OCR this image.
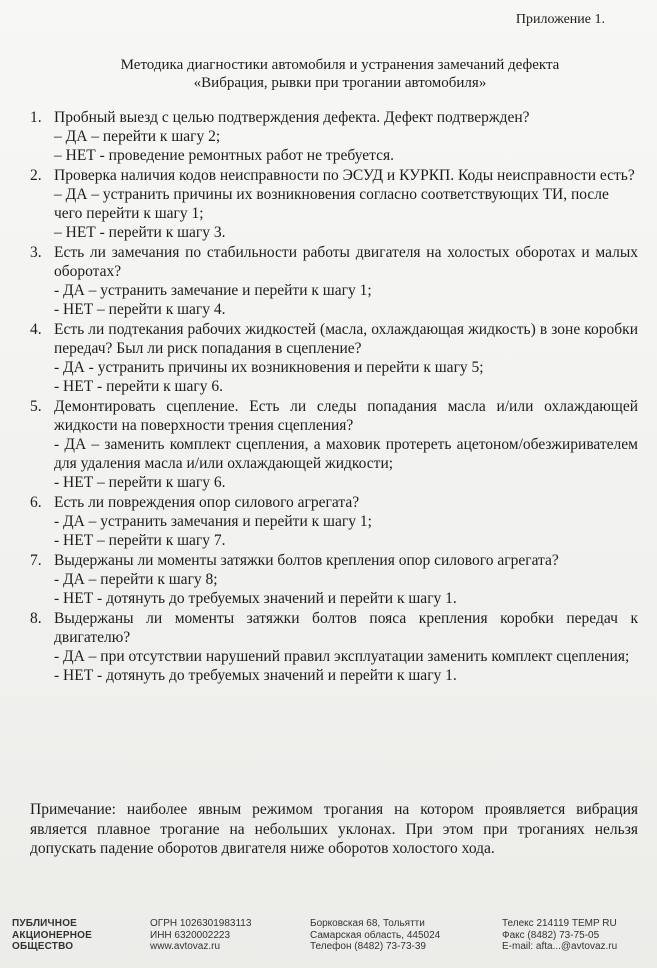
Приложение 1.
Методика диагностики автомобиля и устранения замечаний дефекта
«Вибрация, рывки при трогании автомобиля»
1. Пробный выезд с целью подтверждения дефекта. Дефект подтвержден?
– ДА – перейти к шагу 2;
– НЕТ - проведение ремонтных работ не требуется.
2. Проверка наличия кодов неисправности по ЭСУД и КУРКП. Коды неисправности есть?
– ДА – устранить причины их возникновения согласно соответствующих ТИ, после чего перейти к шагу 1;
– НЕТ - перейти к шагу 3.
3. Есть ли замечания по стабильности работы двигателя на холостых оборотах и малых оборотах?
- ДА – устранить замечание и перейти к шагу 1;
- НЕТ – перейти к шагу 4.
4. Есть ли подтекания рабочих жидкостей (масла, охлаждающая жидкость) в зоне коробки передач? Был ли риск попадания в сцепление?
- ДА - устранить причины их возникновения и перейти к шагу 5;
- НЕТ - перейти к шагу 6.
5. Демонтировать сцепление. Есть ли следы попадания масла и/или охлаждающей жидкости на поверхности трения сцепления?
- ДА – заменить комплект сцепления, а маховик протереть ацетоном/обезжиривателем для удаления масла и/или охлаждающей жидкости;
- НЕТ – перейти к шагу 6.
6. Есть ли повреждения опор силового агрегата?
- ДА – устранить замечания и перейти к шагу 1;
- НЕТ – перейти к шагу 7.
7. Выдержаны ли моменты затяжки болтов крепления опор силового агрегата?
- ДА – перейти к шагу 8;
- НЕТ - дотянуть до требуемых значений и перейти к шагу 1.
8. Выдержаны ли моменты затяжки болтов пояса крепления коробки передач к двигателю?
- ДА – при отсутствии нарушений правил эксплуатации заменить комплект сцепления;
- НЕТ - дотянуть до требуемых значений и перейти к шагу 1.
Примечание: наиболее явным режимом трогания на котором проявляется вибрация является плавное трогание на небольших уклонах. При этом при троганиях нельзя допускать падение оборотов двигателя ниже оборотов холостого хода.
ПУБЛИЧНОЕ
АКЦИОНЕРНОЕ
ОБЩЕСТВО
ОГРН 1026301983113
ИНН 6320002223
www.avtovaz.ru
Борковская 68, Тольятти
Самарская область, 445024
Телефон (8482) 73-73-39
Телекс 214119 TEMP RU
Факс (8482) 73-75-05
E-mail: afta...@avtovaz.ru
